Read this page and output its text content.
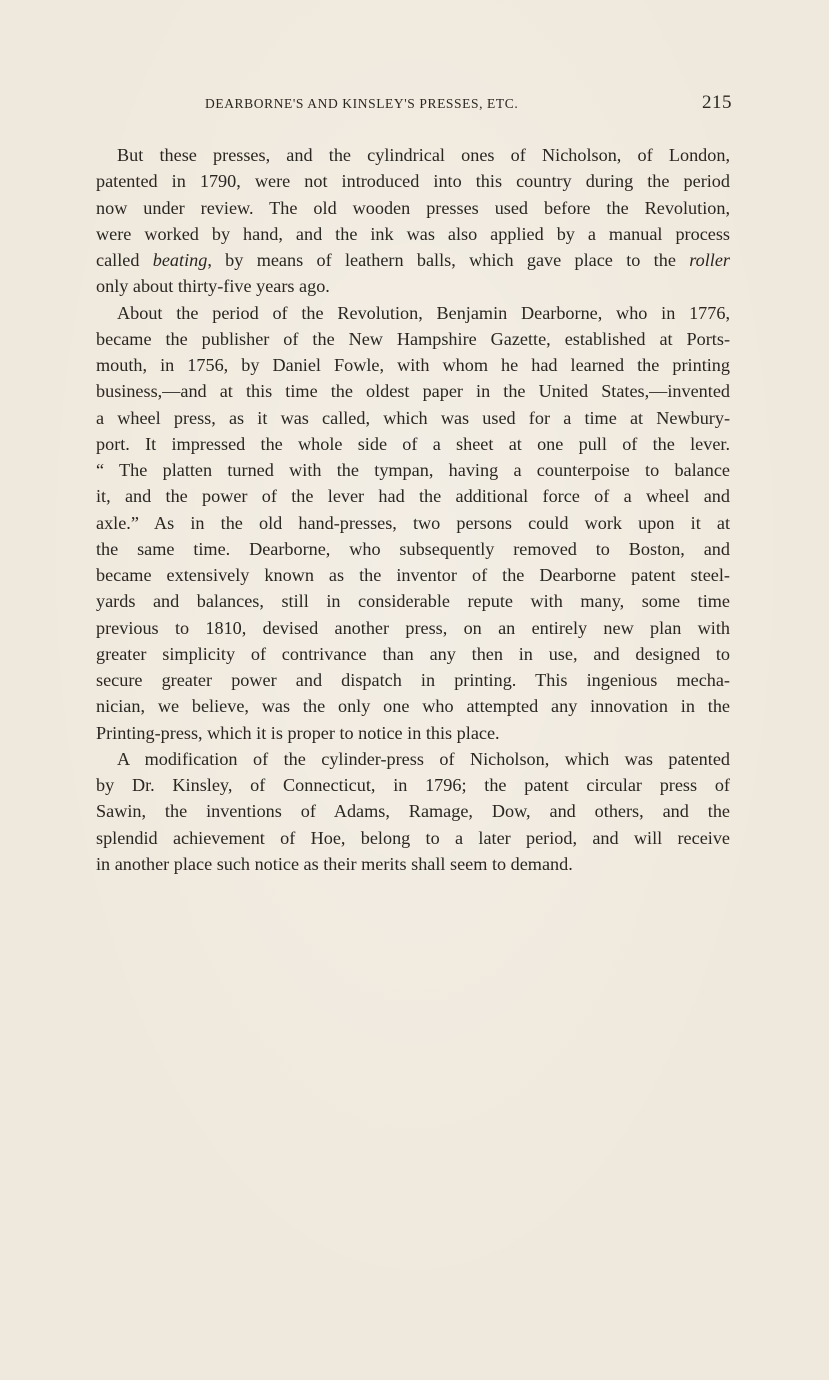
DEARBORNE'S AND KINSLEY'S PRESSES, ETC.	215
But these presses, and the cylindrical ones of Nicholson, of London,
patented in 1790, were not introduced into this country during the period
now under review. The old wooden presses used before the Revolution,
were worked by hand, and the ink was also applied by a manual process
called beating, by means of leathern balls, which gave place to the roller
only about thirty-five years ago.
About the period of the Revolution, Benjamin Dearborne, who in 1776,
became the publisher of the New Hampshire Gazette, established at Ports-
mouth, in 1756, by Daniel Fowle, with whom he had learned the printing
business,—and at this time the oldest paper in the United States,—invented
a wheel press, as it was called, which was used for a time at Newbury-
port. It impressed the whole side of a sheet at one pull of the lever.
“ The platten turned with the tympan, having a counterpoise to balance
it, and the power of the lever had the additional force of a wheel and
axle.” As in the old hand-presses, two persons could work upon it at
the same time. Dearborne, who subsequently removed to Boston, and
became extensively known as the inventor of the Dearborne patent steel-
yards and balances, still in considerable repute with many, some time
previous to 1810, devised another press, on an entirely new plan with
greater simplicity of contrivance than any then in use, and designed to
secure greater power and dispatch in printing. This ingenious mecha-
nician, we believe, was the only one who attempted any innovation in the
Printing-press, which it is proper to notice in this place.
A modification of the cylinder-press of Nicholson, which was patented
by Dr. Kinsley, of Connecticut, in 1796; the patent circular press of
Sawin, the inventions of Adams, Ramage, Dow, and others, and the
splendid achievement of Hoe, belong to a later period, and will receive
in another place such notice as their merits shall seem to demand.
